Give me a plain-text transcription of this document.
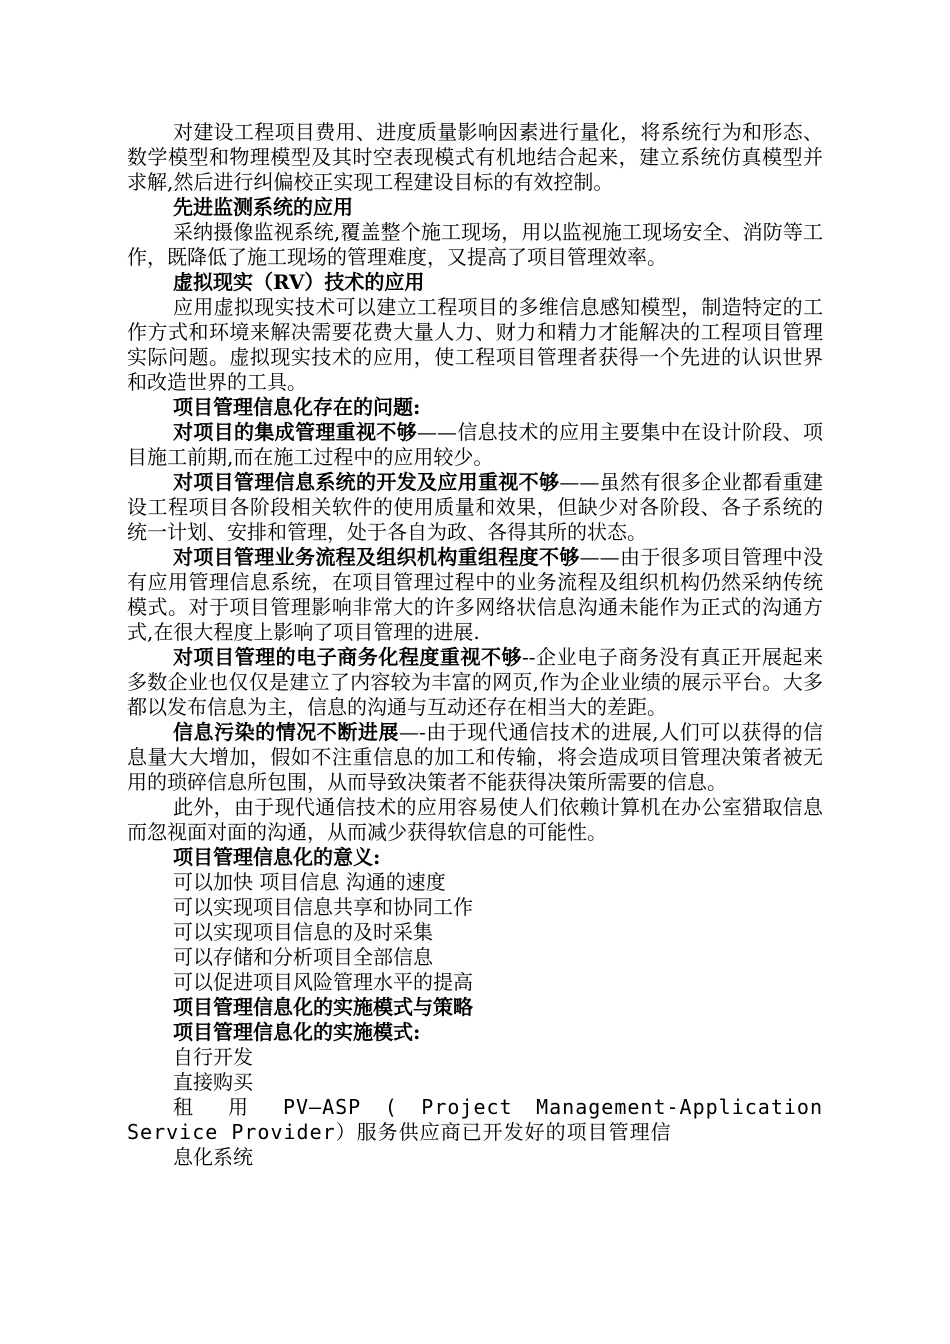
对建设工程项目费用、进度质量影响因素进行量化，将系统行为和形态、数学模型和物理模型及其时空表现模式有机地结合起来，建立系统仿真模型并求解,然后进行纠偏校正实现工程建设目标的有效控制。

先进监测系统的应用

采纳摄像监视系统,覆盖整个施工现场，用以监视施工现场安全、消防等工作，既降低了施工现场的管理难度，又提高了项目管理效率。

虚拟现实（RV）技术的应用

应用虚拟现实技术可以建立工程项目的多维信息感知模型，制造特定的工作方式和环境来解决需要花费大量人力、财力和精力才能解决的工程项目管理实际问题。虚拟现实技术的应用，使工程项目管理者获得一个先进的认识世界和改造世界的工具。

项目管理信息化存在的问题:

对项目的集成管理重视不够——信息技术的应用主要集中在设计阶段、项目施工前期,而在施工过程中的应用较少。

对项目管理信息系统的开发及应用重视不够——虽然有很多企业都看重建设工程项目各阶段相关软件的使用质量和效果，但缺少对各阶段、各子系统的统一计划、安排和管理，处于各自为政、各得其所的状态。

对项目管理业务流程及组织机构重组程度不够——由于很多项目管理中没有应用管理信息系统，在项目管理过程中的业务流程及组织机构仍然采纳传统模式。对于项目管理影响非常大的许多网络状信息沟通未能作为正式的沟通方式,在很大程度上影响了项目管理的进展.

对项目管理的电子商务化程度重视不够--企业电子商务没有真正开展起来多数企业也仅仅是建立了内容较为丰富的网页,作为企业业绩的展示平台。大多都以发布信息为主，信息的沟通与互动还存在相当大的差距。

信息污染的情况不断进展—-由于现代通信技术的进展,人们可以获得的信息量大大增加，假如不注重信息的加工和传输，将会造成项目管理决策者被无用的琐碎信息所包围，从而导致决策者不能获得决策所需要的信息。

此外，由于现代通信技术的应用容易使人们依赖计算机在办公室猎取信息而忽视面对面的沟通，从而减少获得软信息的可能性。

项目管理信息化的意义:

可以加快 项目信息 沟通的速度

可以实现项目信息共享和协同工作

可以实现项目信息的及时采集

可以存储和分析项目全部信息

可以促进项目风险管理水平的提高

项目管理信息化的实施模式与策略

项目管理信息化的实施模式:

自行开发

直接购买

租 用 PV—ASP ( Project Management-Application Service Provider）服务供应商已开发好的项目管理信

息化系统
